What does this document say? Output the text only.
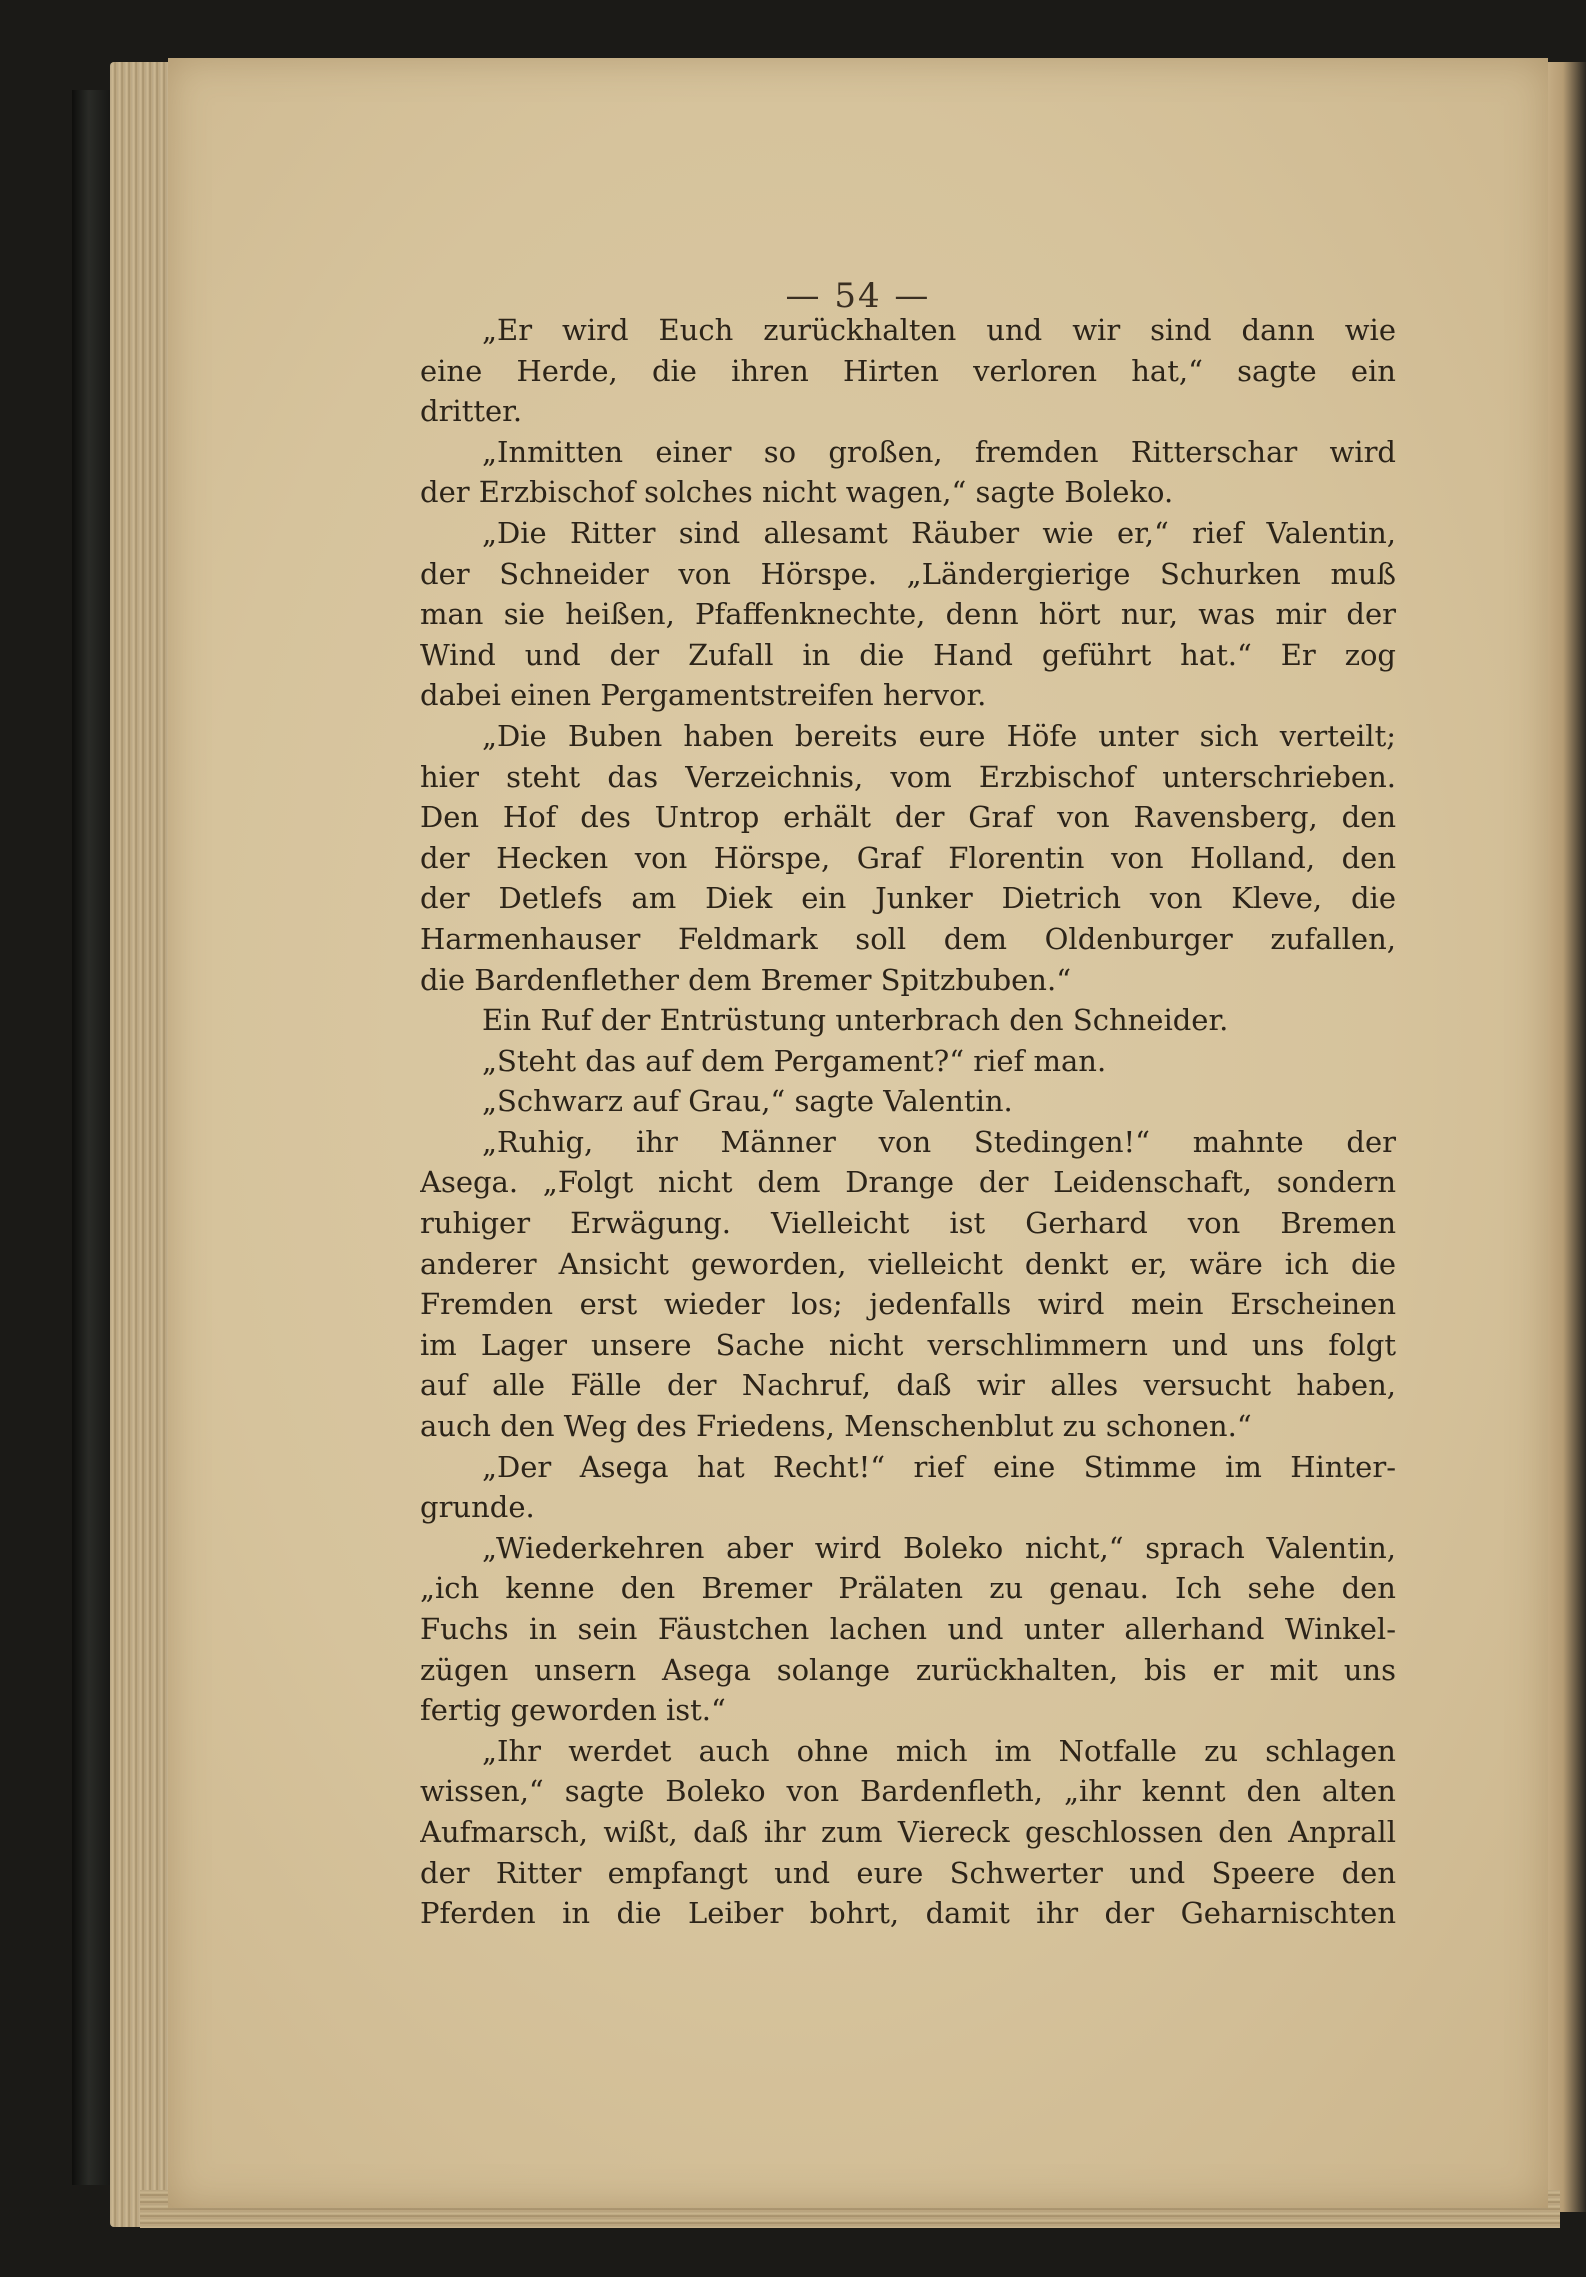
— 54 —
„Er wird Euch zurückhalten und wir sind dann wie
eine Herde, die ihren Hirten verloren hat,“ sagte ein
dritter.
„Inmitten einer so großen, fremden Ritterschar wird
der Erzbischof solches nicht wagen,“ sagte Boleko.
„Die Ritter sind allesamt Räuber wie er,“ rief Valentin,
der Schneider von Hörspe. „Ländergierige Schurken muß
man sie heißen, Pfaffenknechte, denn hört nur, was mir der
Wind und der Zufall in die Hand geführt hat.“ Er zog
dabei einen Pergamentstreifen hervor.
„Die Buben haben bereits eure Höfe unter sich verteilt;
hier steht das Verzeichnis, vom Erzbischof unterschrieben.
Den Hof des Untrop erhält der Graf von Ravensberg, den
der Hecken von Hörspe, Graf Florentin von Holland, den
der Detlefs am Diek ein Junker Dietrich von Kleve, die
Harmenhauser Feldmark soll dem Oldenburger zufallen,
die Bardenflether dem Bremer Spitzbuben.“
Ein Ruf der Entrüstung unterbrach den Schneider.
„Steht das auf dem Pergament?“ rief man.
„Schwarz auf Grau,“ sagte Valentin.
„Ruhig, ihr Männer von Stedingen!“ mahnte der
Asega. „Folgt nicht dem Drange der Leidenschaft, sondern
ruhiger Erwägung. Vielleicht ist Gerhard von Bremen
anderer Ansicht geworden, vielleicht denkt er, wäre ich die
Fremden erst wieder los; jedenfalls wird mein Erscheinen
im Lager unsere Sache nicht verschlimmern und uns folgt
auf alle Fälle der Nachruf, daß wir alles versucht haben,
auch den Weg des Friedens, Menschenblut zu schonen.“
„Der Asega hat Recht!“ rief eine Stimme im Hinter-
grunde.
„Wiederkehren aber wird Boleko nicht,“ sprach Valentin,
„ich kenne den Bremer Prälaten zu genau. Ich sehe den
Fuchs in sein Fäustchen lachen und unter allerhand Winkel-
zügen unsern Asega solange zurückhalten, bis er mit uns
fertig geworden ist.“
„Ihr werdet auch ohne mich im Notfalle zu schlagen
wissen,“ sagte Boleko von Bardenfleth, „ihr kennt den alten
Aufmarsch, wißt, daß ihr zum Viereck geschlossen den Anprall
der Ritter empfangt und eure Schwerter und Speere den
Pferden in die Leiber bohrt, damit ihr der Geharnischten
